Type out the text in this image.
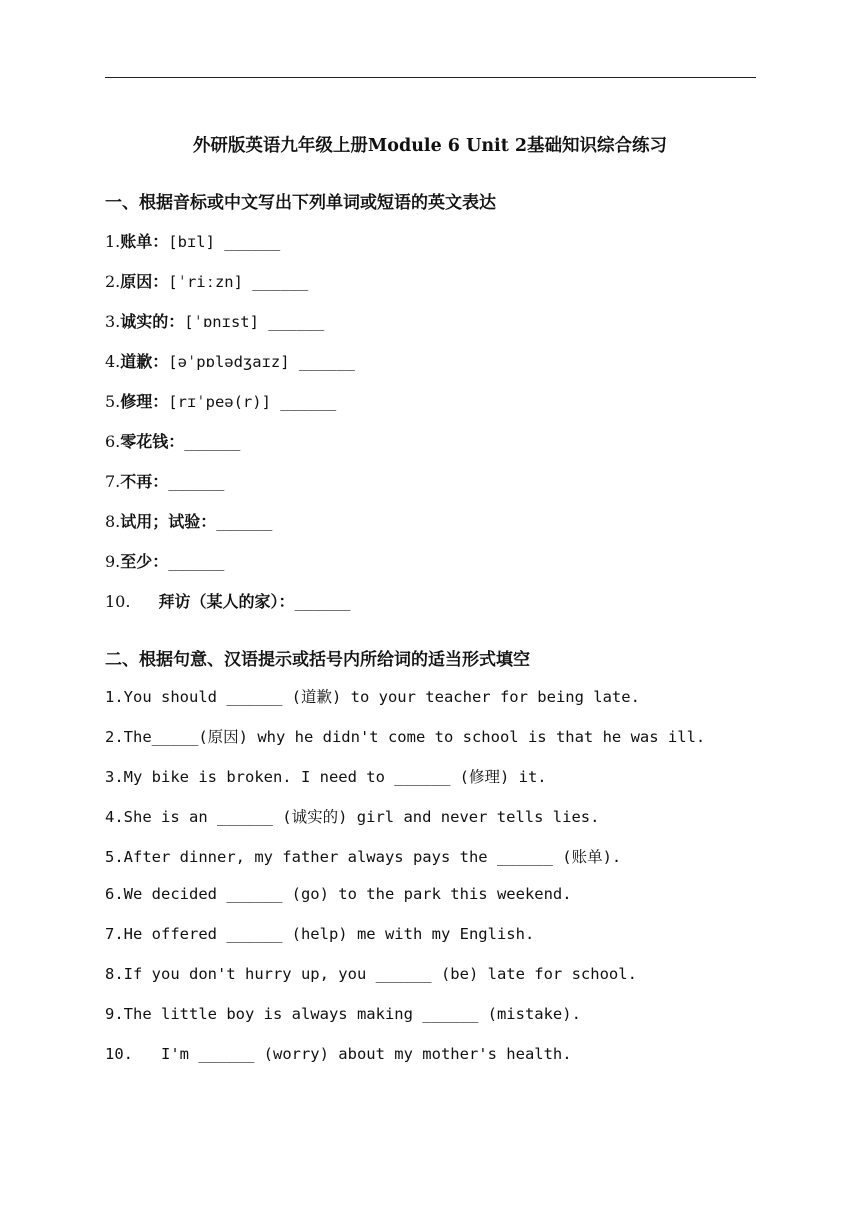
外研版英语九年级上册Module 6 Unit 2基础知识综合练习
一、根据音标或中文写出下列单词或短语的英文表达
1.账单：[bɪl] ______
2.原因：[ˈriːzn] ______
3.诚实的：[ˈɒnɪst] ______
4.道歉：[əˈpɒlədʒaɪz] ______
5.修理：[rɪˈpeə(r)] ______
6.零花钱：______
7.不再：______
8.试用；试验：______
9.至少：______
10. 拜访（某人的家）：______
二、根据句意、汉语提示或括号内所给词的适当形式填空
1.You should ______ (道歉) to your teacher for being late.
2.The_____(原因) why he didn't come to school is that he was ill.
3.My bike is broken. I need to ______ (修理) it.
4.She is an ______ (诚实的) girl and never tells lies.
5.After dinner, my father always pays the ______ (账单).
6.We decided ______ (go) to the park this weekend.
7.He offered ______ (help) me with my English.
8.If you don't hurry up, you ______ (be) late for school.
9.The little boy is always making ______ (mistake).
10. I'm ______ (worry) about my mother's health.
